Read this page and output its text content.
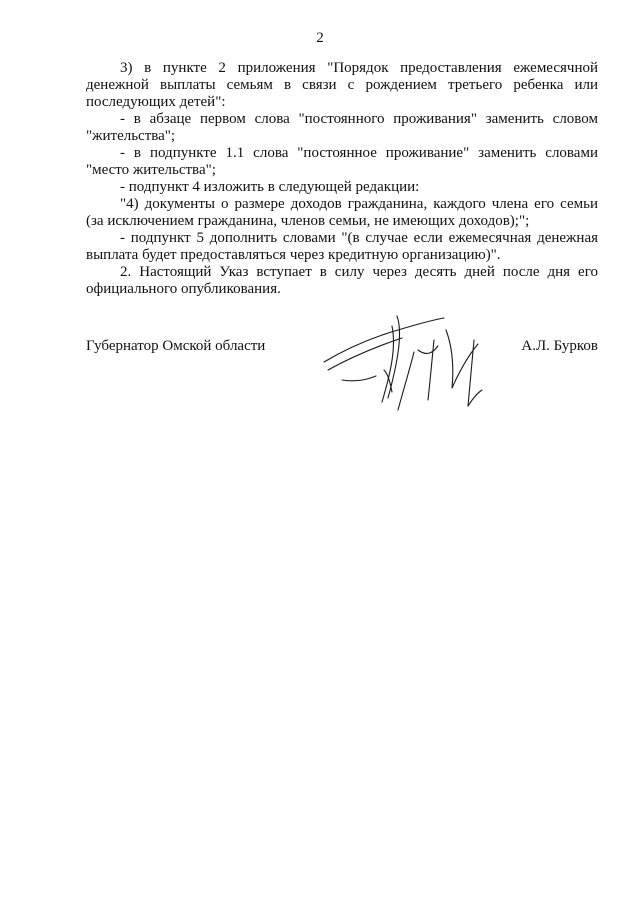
2

3) в пункте 2 приложения "Порядок предоставления ежемесячной денежной выплаты семьям в связи с рождением третьего ребенка или последующих детей":

- в абзаце первом слова "постоянного проживания" заменить словом "жительства";

- в подпункте 1.1 слова "постоянное проживание" заменить словами "место жительства";

- подпункт 4 изложить в следующей редакции:

"4) документы о размере доходов гражданина, каждого члена его семьи (за исключением гражданина, членов семьи, не имеющих доходов);";

- подпункт 5 дополнить словами "(в случае если ежемесячная денежная выплата будет предоставляться через кредитную организацию)".

2. Настоящий Указ вступает в силу через десять дней после дня его официального опубликования.

Губернатор Омской области	А.Л. Бурков
